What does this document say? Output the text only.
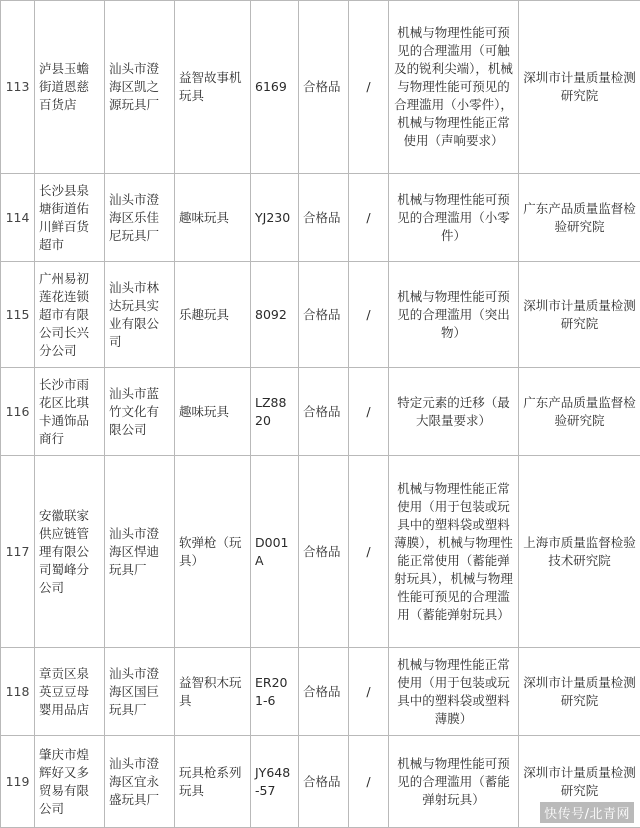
113	泸县玉蟾街道恩慈百货店	汕头市澄海区凯之源玩具厂	益智故事机玩具	6169	合格品	/	机械与物理性能可预见的合理滥用（可触及的锐利尖端），机械与物理性能可预见的合理滥用（小零件），机械与物理性能正常使用（声响要求）	深圳市计量质量检测研究院
114	长沙县泉塘街道佑川鲜百货超市	汕头市澄海区乐佳尼玩具厂	趣味玩具	YJ230	合格品	/	机械与物理性能可预见的合理滥用（小零件）	广东产品质量监督检验研究院
115	广州易初莲花连锁超市有限公司长兴分公司	汕头市林达玩具实业有限公司	乐趣玩具	8092	合格品	/	机械与物理性能可预见的合理滥用（突出物）	深圳市计量质量检测研究院
116	长沙市雨花区比琪卡通饰品商行	汕头市蓝竹文化有限公司	趣味玩具	LZ8820	合格品	/	特定元素的迁移（最大限量要求）	广东产品质量监督检验研究院
117	安徽联家供应链管理有限公司蜀峰分公司	汕头市澄海区悍迪玩具厂	软弹枪（玩具）	D001A	合格品	/	机械与物理性能正常使用（用于包装或玩具中的塑料袋或塑料薄膜），机械与物理性能正常使用（蓄能弹射玩具），机械与物理性能可预见的合理滥用（蓄能弹射玩具）	上海市质量监督检验技术研究院
118	章贡区泉英豆豆母婴用品店	汕头市澄海区国巨玩具厂	益智积木玩具	ER201-6	合格品	/	机械与物理性能正常使用（用于包装或玩具中的塑料袋或塑料薄膜）	深圳市计量质量检测研究院
119	肇庆市煌辉好又多贸易有限公司	汕头市澄海区宜永盛玩具厂	玩具枪系列玩具	JY648-57	合格品	/	机械与物理性能可预见的合理滥用（蓄能弹射玩具）	深圳市计量质量检测研究院
快传号/北青网
